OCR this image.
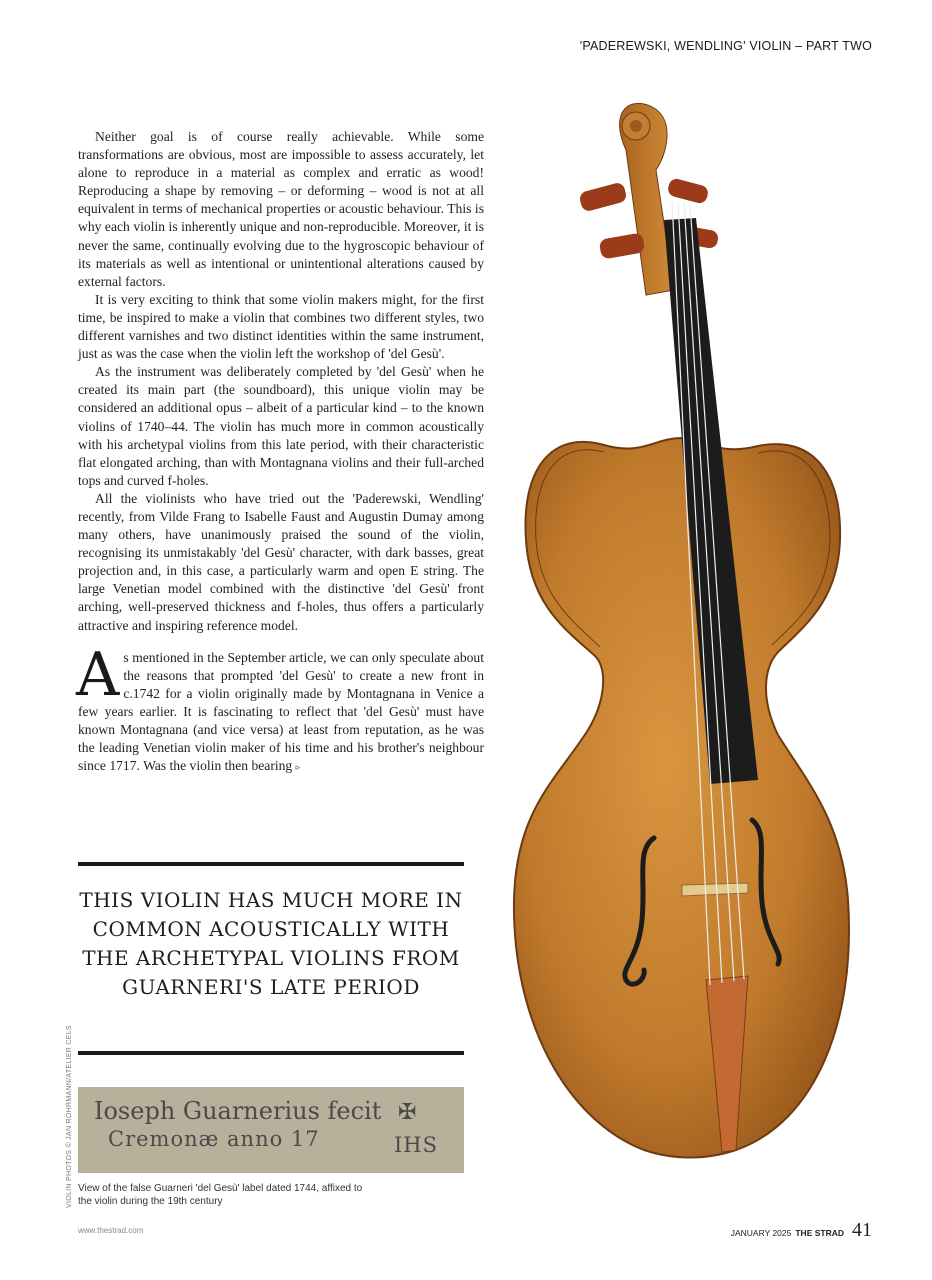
'PADEREWSKI, WENDLING' VIOLIN – PART TWO

Neither goal is of course really achievable. While some transformations are obvious, most are impossible to assess accurately, let alone to reproduce in a material as complex and erratic as wood! Reproducing a shape by removing – or deforming – wood is not at all equivalent in terms of mechanical properties or acoustic behaviour. This is why each violin is inherently unique and non-reproducible. Moreover, it is never the same, continually evolving due to the hygroscopic behaviour of its materials as well as intentional or unintentional alterations caused by external factors.

It is very exciting to think that some violin makers might, for the first time, be inspired to make a violin that combines two different styles, two different varnishes and two distinct identities within the same instrument, just as was the case when the violin left the workshop of 'del Gesù'.

As the instrument was deliberately completed by 'del Gesù' when he created its main part (the soundboard), this unique violin may be considered an additional opus – albeit of a particular kind – to the known violins of 1740–44. The violin has much more in common acoustically with his archetypal violins from this late period, with their characteristic flat elongated arching, than with Montagnana violins and their full-arched tops and curved f-holes.

All the violinists who have tried out the 'Paderewski, Wendling' recently, from Vilde Frang to Isabelle Faust and Augustin Dumay among many others, have unanimously praised the sound of the violin, recognising its unmistakably 'del Gesù' character, with dark basses, great projection and, in this case, a particularly warm and open E string. The large Venetian model combined with the distinctive 'del Gesù' front arching, well-preserved thickness and f-holes, thus offers a particularly attractive and inspiring reference model.

As mentioned in the September article, we can only speculate about the reasons that prompted 'del Gesù' to create a new front in c.1742 for a violin originally made by Montagnana in Venice a few years earlier. It is fascinating to reflect that 'del Gesù' must have known Montagnana (and vice versa) at least from reputation, as he was the leading Venetian violin maker of his time and his brother's neighbour since 1717. Was the violin then bearing ▹

THIS VIOLIN HAS MUCH MORE IN COMMON ACOUSTICALLY WITH THE ARCHETYPAL VIOLINS FROM GUARNERI'S LATE PERIOD
Ioseph Guarnerius fecit
Cremonæ anno 17
✠
IHS
View of the false Guarneri 'del Gesù' label dated 1744, affixed to the violin during the 19th century
VIOLIN PHOTOS © JAN RÖHRMANN/ATELIER CELS
www.thestrad.com	JANUARY 2025 THE STRAD 41
